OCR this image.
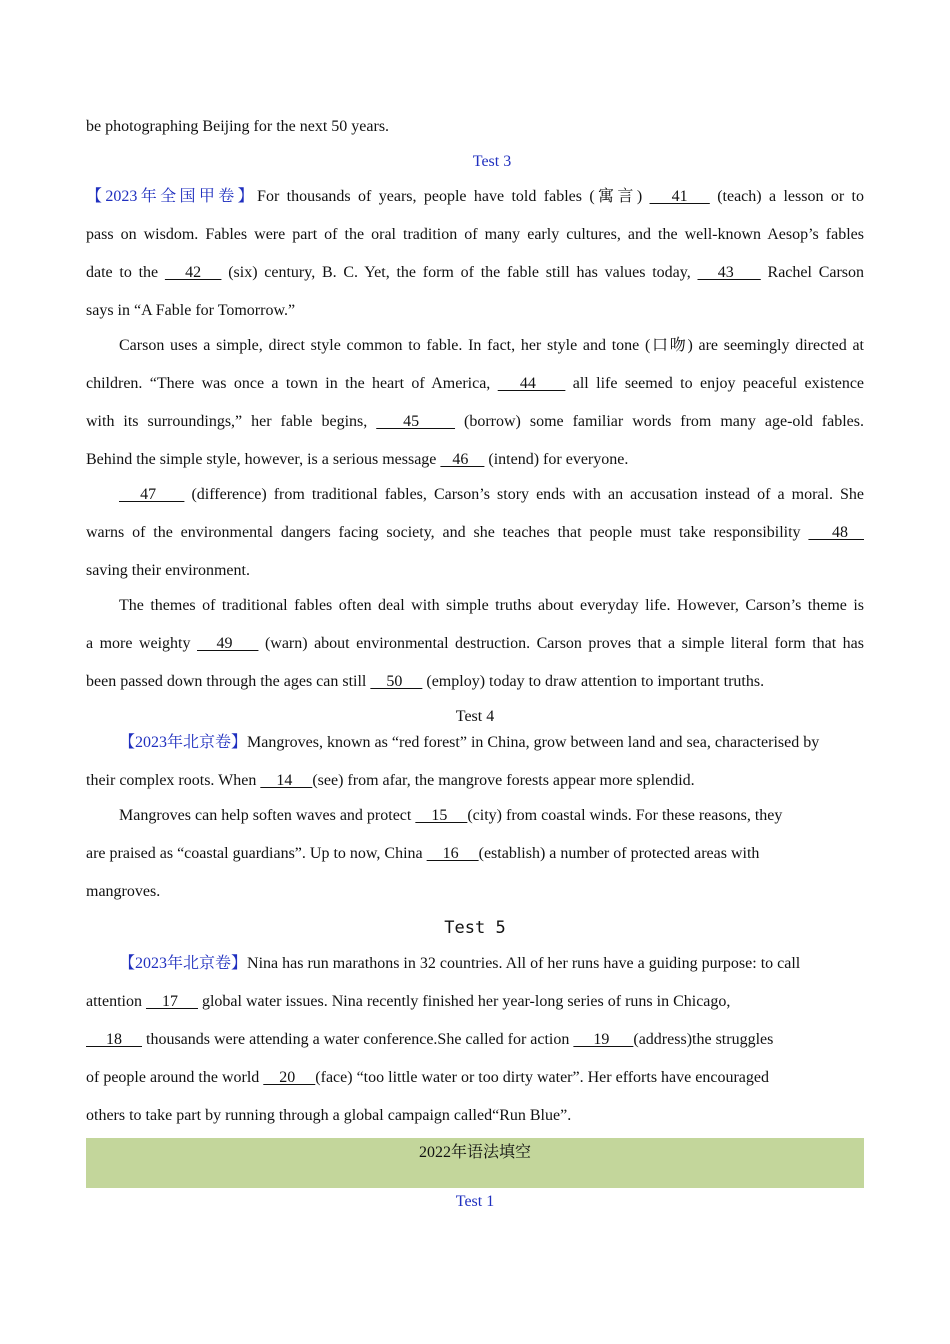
be photographing Beijing for the next 50 years.
Test 3
【2023年全国甲卷】For thousands of years, people have told fables (寓言)    41    (teach) a lesson or to
pass on wisdom. Fables were part of the oral tradition of many early cultures, and the well-known Aesop’s fables
date to the    42    (six) century, B. C. Yet, the form of the fable still has values today,    43     Rachel Carson
says in “A Fable for Tomorrow.”
Carson uses a simple, direct style common to fable. In fact, her style and tone (口吻) are seemingly directed at
children. “There was once a town in the heart of America,    44     all life seemed to enjoy peaceful existence
with its surroundings,” her fable begins,    45     (borrow) some familiar words from many age-old fables.
Behind the simple style, however, is a serious message    46     (intend) for everyone.
47     (difference) from traditional fables, Carson’s story ends with an accusation instead of a moral. She
warns of the environmental dangers facing society, and she teaches that people must take responsibility    48
saving their environment.
The themes of traditional fables often deal with simple truths about everyday life. However, Carson’s theme is
a more weighty    49     (warn) about environmental destruction. Carson proves that a simple literal form that has
been passed down through the ages can still     50      (employ) today to draw attention to important truths.
Test 4
【2023年北京卷】Mangroves, known as “red forest” in China, grow between land and sea, characterised by
their complex roots. When     14     (see) from afar, the mangrove forests appear more splendid.
Mangroves can help soften waves and protect     15     (city) from coastal winds. For these reasons, they
are praised as “coastal guardians”. Up to now, China     16     (establish) a number of protected areas with
mangroves.
Test 5
【2023年北京卷】Nina has run marathons in 32 countries. All of her runs have a guiding purpose: to call
attention     17      global water issues. Nina recently finished her year-long series of runs in Chicago,
18      thousands were attending a water conference.She called for action      19      (address)the struggles
of people around the world     20     (face) “too little water or too dirty water”. Her efforts have encouraged
others to take part by running through a global campaign called“Run Blue”.
2022年语法填空
Test 1
